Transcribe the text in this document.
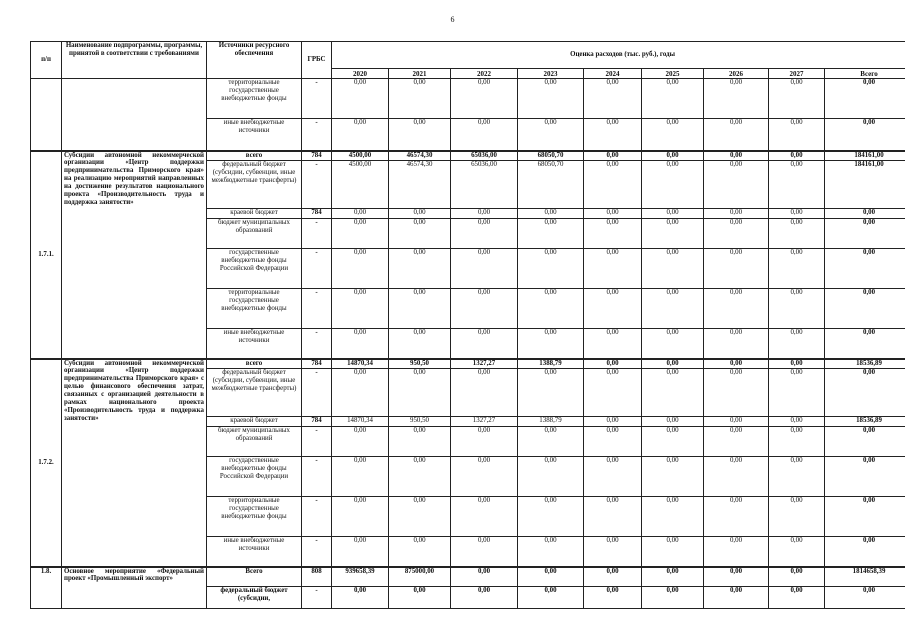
6
п/п	Наименование подпрограммы, программы, принятой в соответствии с требованиями	Источники ресурсного обеспечения	ГРБС	Оценка расходов (тыс. руб.), годы								
				2020	2021	2022	2023	2024	2025	2026	2027	Всего
		территориальные государственные внебюджетные фонды	-	0,00	0,00	0,00	0,00	0,00	0,00	0,00	0,00	0,00
		иные внебюджетные источники	-	0,00	0,00	0,00	0,00	0,00	0,00	0,00	0,00	0,00
1.7.1.	Субсидии автономной некоммерческой организации «Центр поддержки предпринимательства Приморского края» на реализацию мероприятий направленных на достижение результатов национального проекта «Производительность труда и поддержка занятости»	всего	784	4500,00	46574,30	65036,00	68050,70	0,00	0,00	0,00	0,00	184161,00
		федеральный бюджет (субсидии, субвенции, иные межбюджетные трансферты)	-	4500,00	46574,30	65036,00	68050,70	0,00	0,00	0,00	0,00	184161,00
		краевой бюджет	784	0,00	0,00	0,00	0,00	0,00	0,00	0,00	0,00	0,00
		бюджет муниципальных образований	-	0,00	0,00	0,00	0,00	0,00	0,00	0,00	0,00	0,00
		государственные внебюджетные фонды Российской Федерации	-	0,00	0,00	0,00	0,00	0,00	0,00	0,00	0,00	0,00
		территориальные государственные внебюджетные фонды	-	0,00	0,00	0,00	0,00	0,00	0,00	0,00	0,00	0,00
		иные внебюджетные источники	-	0,00	0,00	0,00	0,00	0,00	0,00	0,00	0,00	0,00
1.7.2.	Субсидии автономной некоммерческой организации «Центр поддержки предпринимательства Приморского края» с целью финансового обеспечения затрат, связанных с организацией деятельности в рамках национального проекта «Производительность труда и поддержка занятости»	всего	784	14870,34	950,50	1327,27	1388,79	0,00	0,00	0,00	0,00	18536,89
		федеральный бюджет (субсидии, субвенции, иные межбюджетные трансферты)	-	0,00	0,00	0,00	0,00	0,00	0,00	0,00	0,00	0,00
		краевой бюджет	784	14870,34	950,50	1327,27	1388,79	0,00	0,00	0,00	0,00	18536,89
		бюджет муниципальных образований	-	0,00	0,00	0,00	0,00	0,00	0,00	0,00	0,00	0,00
		государственные внебюджетные фонды Российской Федерации	-	0,00	0,00	0,00	0,00	0,00	0,00	0,00	0,00	0,00
		территориальные государственные внебюджетные фонды	-	0,00	0,00	0,00	0,00	0,00	0,00	0,00	0,00	0,00
		иные внебюджетные источники	-	0,00	0,00	0,00	0,00	0,00	0,00	0,00	0,00	0,00
1.8.	Основное мероприятие «Федеральный проект «Промышленный экспорт»	Всего	808	939658,39	875000,00	0,00	0,00	0,00	0,00	0,00	0,00	1814658,39
		федеральный бюджет (субсидии,	-	0,00	0,00	0,00	0,00	0,00	0,00	0,00	0,00	0,00
